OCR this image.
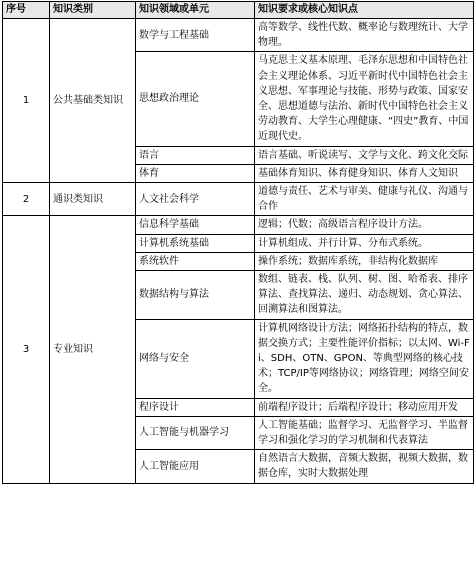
序号	知识类别	知识领域或单元	知识要求或核心知识点
1	公共基础类知识	数学与工程基础	高等数学、线性代数、概率论与数理统计、大学物理。
		思想政治理论	马克思主义基本原理、毛泽东思想和中国特色社会主义理论体系、习近平新时代中国特色社会主义思想、军事理论与技能、形势与政策、国家安全、思想道德与法治、新时代中国特色社会主义劳动教育、大学生心理健康、“四史”教育、中国近现代史。
		语言	语言基础、听说读写、文学与文化、跨文化交际
		体育	基础体育知识、体育健身知识、体育人文知识
2	通识类知识	人文社会科学	道德与责任、艺术与审美、健康与礼仪、沟通与合作
3	专业知识	信息科学基础	逻辑；代数；高级语言程序设计方法。
		计算机系统基础	计算机组成、并行计算、分布式系统。
		系统软件	操作系统；数据库系统，非结构化数据库
		数据结构与算法	数组、链表、栈、队列、树、图、哈希表、排序算法、查找算法、递归、动态规划、贪心算法、回溯算法和图算法。
		网络与安全	计算机网络设计方法；网络拓扑结构的特点，数据交换方式；主要性能评价指标；以太网、Wi-Fi、SDH、OTN、GPON、等典型网络的核心技术；TCP/IP等网络协议；网络管理；网络空间安全。
		程序设计	前端程序设计；后端程序设计；移动应用开发
		人工智能与机器学习	人工智能基础；监督学习、无监督学习、半监督学习和强化学习的学习机制和代表算法
		人工智能应用	自然语言大数据，音频大数据，视频大数据，数据仓库，实时大数据处理
